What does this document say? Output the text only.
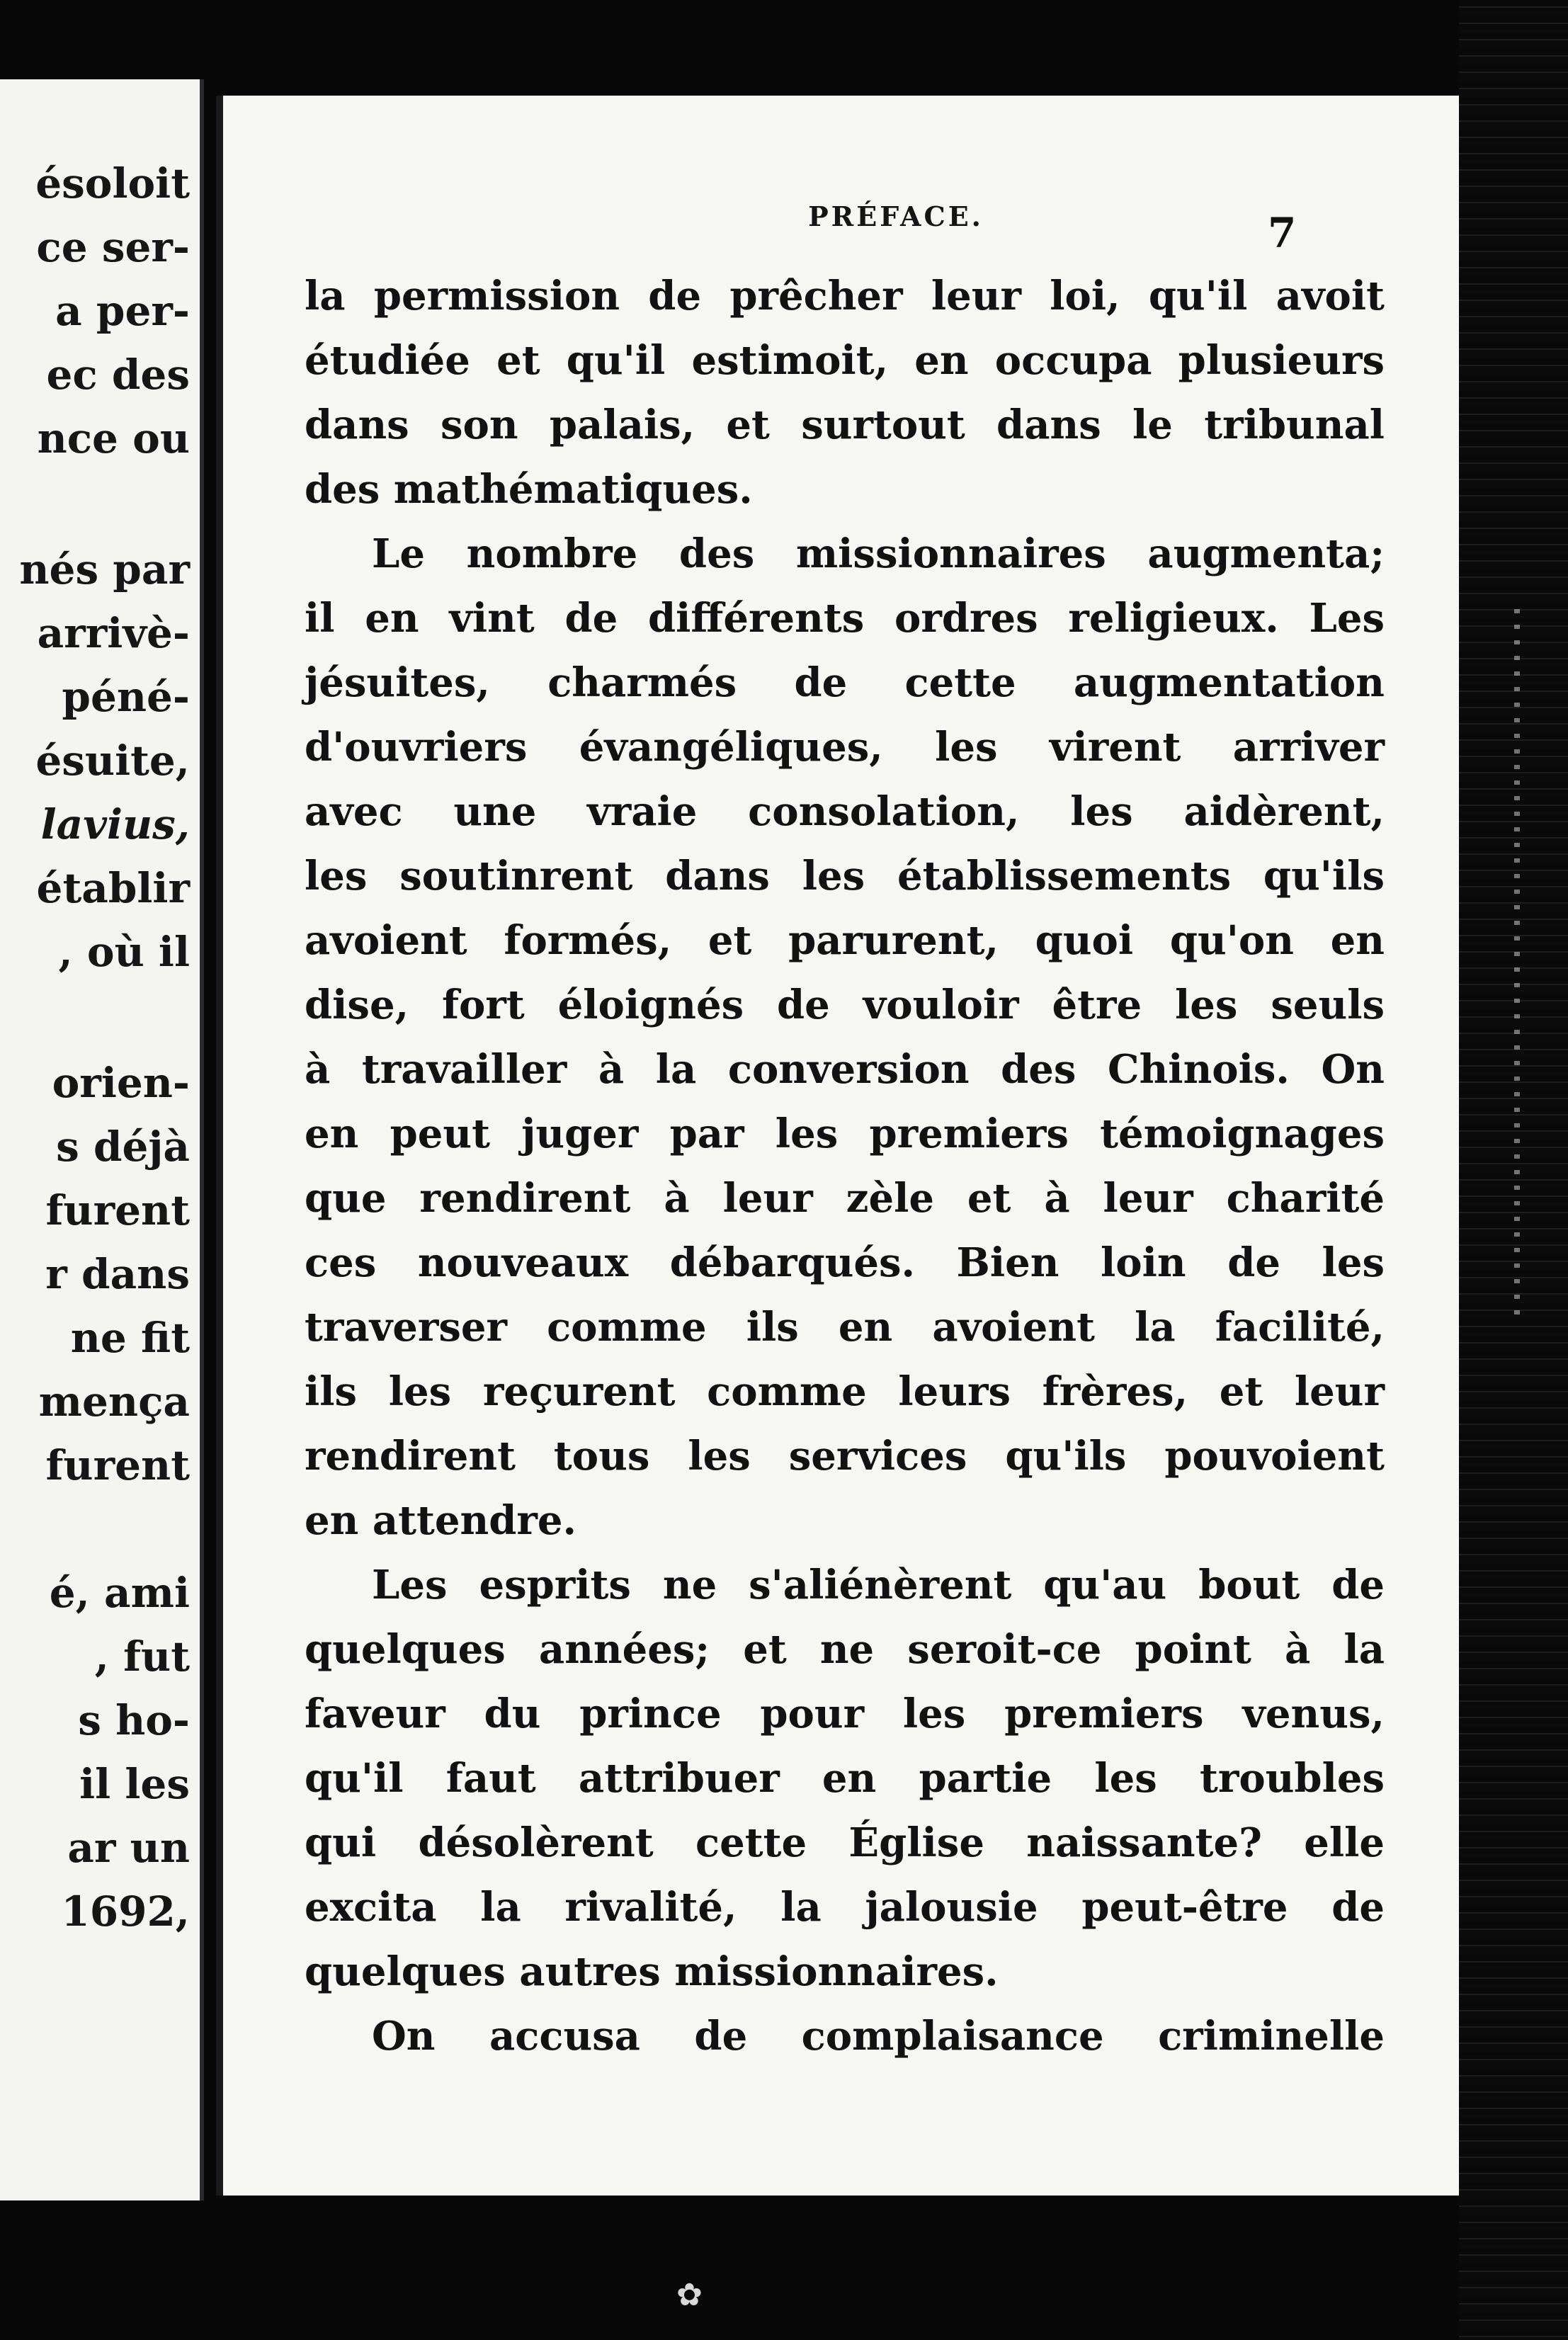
ésoloit
ce ser-
a per-
ec des
nce ou
nés par
arrivè-
péné-
ésuite,
lavius,
établir
, où il
orien-
s déjà
furent
r dans
ne fit
mença
furent
é, ami
, fut
s ho-
il les
ar un
1692,
PRÉFACE.	7
la permission de prêcher leur loi, qu'il avoit
étudiée et qu'il estimoit, en occupa plusieurs
dans son palais, et surtout dans le tribunal
des mathématiques.
Le nombre des missionnaires augmenta;
il en vint de différents ordres religieux. Les
jésuites, charmés de cette augmentation
d'ouvriers évangéliques, les virent arriver
avec une vraie consolation, les aidèrent,
les soutinrent dans les établissements qu'ils
avoient formés, et parurent, quoi qu'on en
dise, fort éloignés de vouloir être les seuls
à travailler à la conversion des Chinois. On
en peut juger par les premiers témoignages
que rendirent à leur zèle et à leur charité
ces nouveaux débarqués. Bien loin de les
traverser comme ils en avoient la facilité,
ils les reçurent comme leurs frères, et leur
rendirent tous les services qu'ils pouvoient
en attendre.
Les esprits ne s'aliénèrent qu'au bout de
quelques années; et ne seroit-ce point à la
faveur du prince pour les premiers venus,
qu'il faut attribuer en partie les troubles
qui désolèrent cette Église naissante? elle
excita la rivalité, la jalousie peut-être de
quelques autres missionnaires.
On accusa de complaisance criminelle
✿
